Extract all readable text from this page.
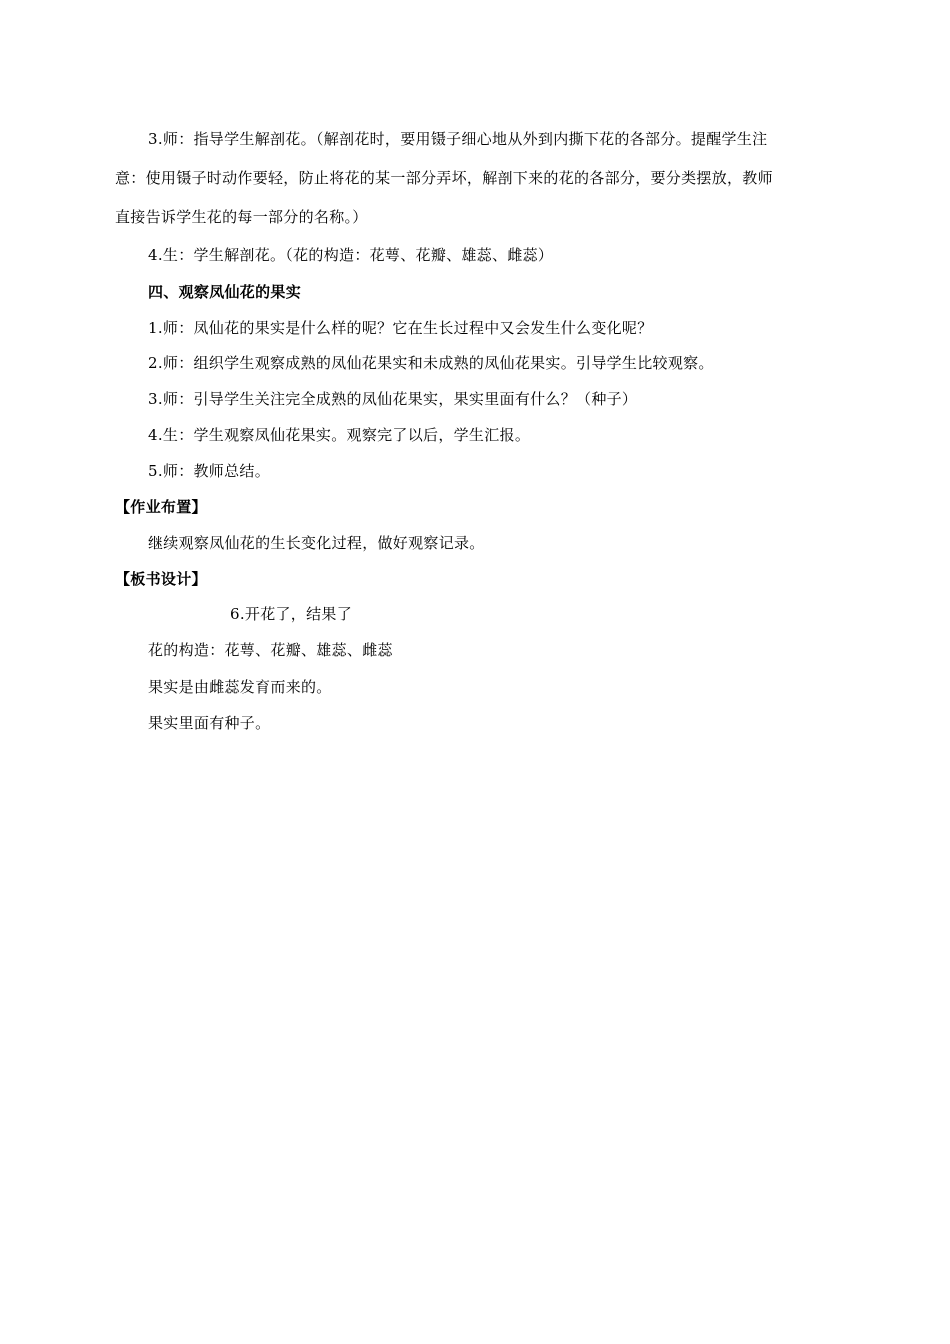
3.师：指导学生解剖花。（解剖花时，要用镊子细心地从外到内撕下花的各部分。提醒学生注
意：使用镊子时动作要轻，防止将花的某一部分弄坏，解剖下来的花的各部分，要分类摆放，教师
直接告诉学生花的每一部分的名称。）
4.生：学生解剖花。（花的构造：花萼、花瓣、雄蕊、雌蕊）
四、观察凤仙花的果实
1.师：凤仙花的果实是什么样的呢？它在生长过程中又会发生什么变化呢？
2.师：组织学生观察成熟的凤仙花果实和未成熟的凤仙花果实。引导学生比较观察。
3.师：引导学生关注完全成熟的凤仙花果实，果实里面有什么？（种子）
4.生：学生观察凤仙花果实。观察完了以后，学生汇报。
5.师：教师总结。
【作业布置】
继续观察凤仙花的生长变化过程，做好观察记录。
【板书设计】
6.开花了，结果了
花的构造：花萼、花瓣、雄蕊、雌蕊
果实是由雌蕊发育而来的。
果实里面有种子。
